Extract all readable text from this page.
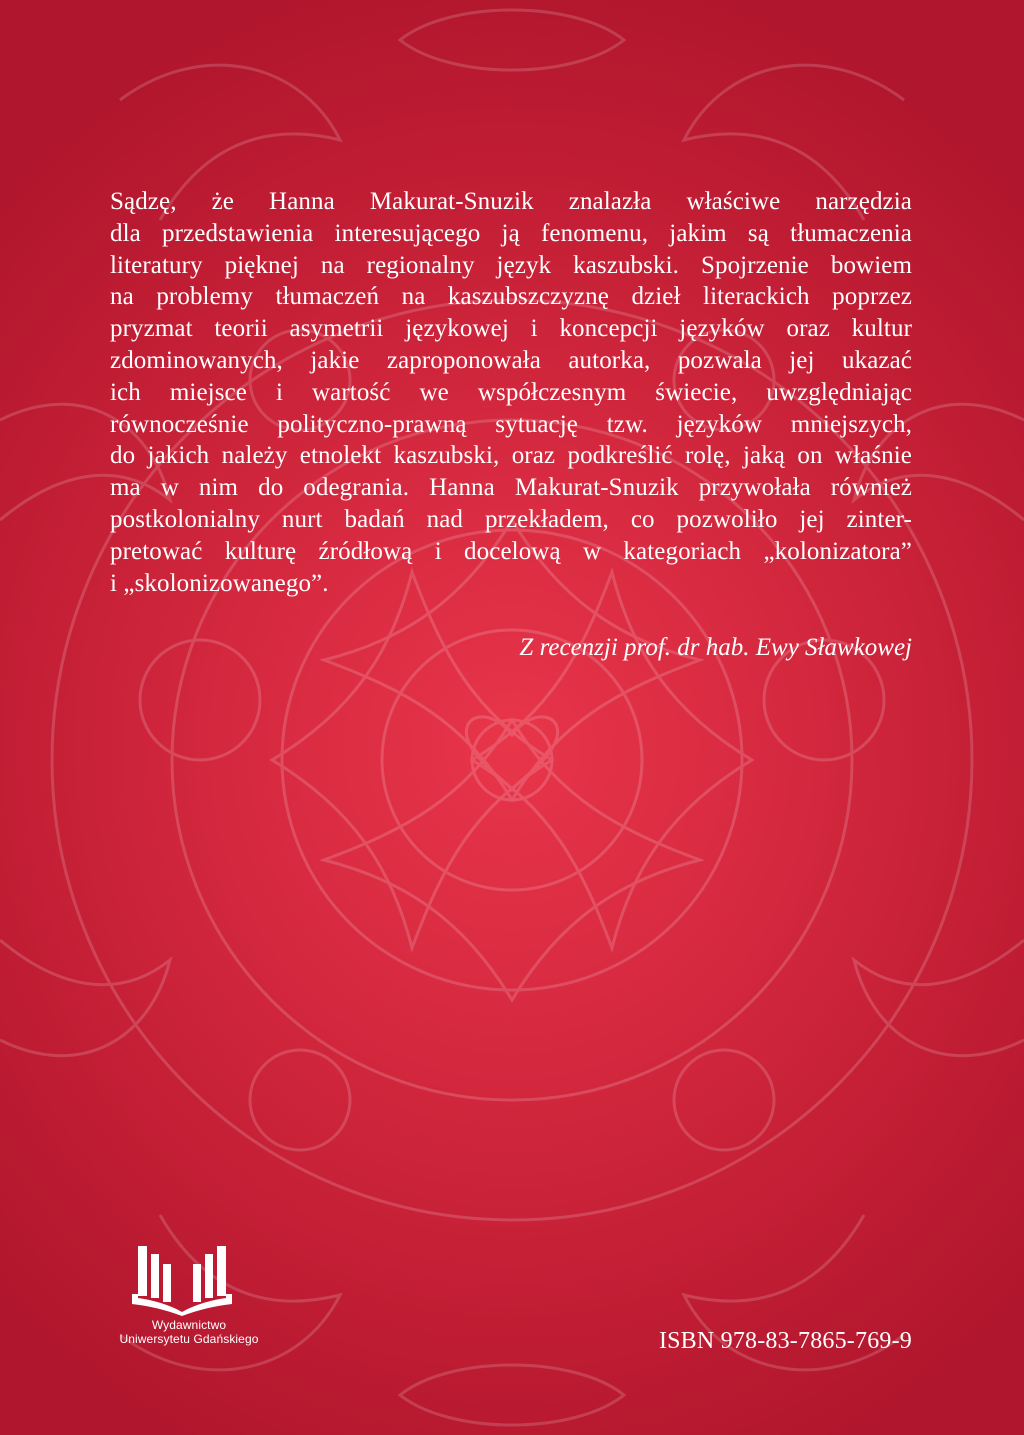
Sądzę, że Hanna Makurat-Snuzik znalazła właściwe narzędzia
dla przedstawienia interesującego ją fenomenu, jakim są tłumaczenia
literatury pięknej na regionalny język kaszubski. Spojrzenie bowiem
na problemy tłumaczeń na kaszubszczyznę dzieł literackich poprzez
pryzmat teorii asymetrii językowej i koncepcji języków oraz kultur
zdominowanych, jakie zaproponowała autorka, pozwala jej ukazać
ich miejsce i wartość we współczesnym świecie, uwzględniając
równocześnie polityczno-prawną sytuację tzw. języków mniejszych,
do jakich należy etnolekt kaszubski, oraz podkreślić rolę, jaką on właśnie
ma w nim do odegrania. Hanna Makurat-Snuzik przywołała również
postkolonialny nurt badań nad przekładem, co pozwoliło jej zinter-
pretować kulturę źródłową i docelową w kategoriach „kolonizatora”
i „skolonizowanego”.
Z recenzji prof. dr hab. Ewy Sławkowej
Wydawnictwo
Uniwersytetu Gdańskiego	ISBN 978-83-7865-769-9
